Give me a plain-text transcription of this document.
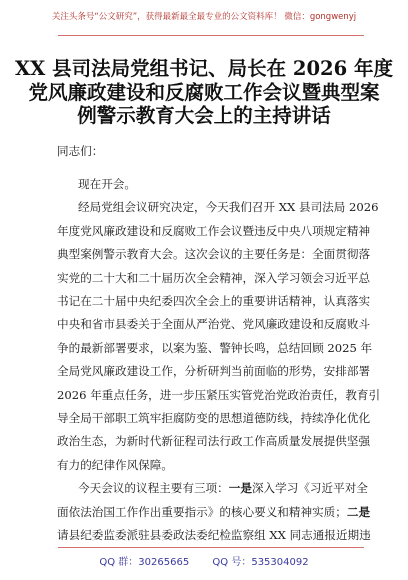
关注头条号“公文研究”，获得最新最全最专业的公文资料库！ 微信：gongwenyj
XX 县司法局党组书记、局长在 2026 年度
党风廉政建设和反腐败工作会议暨典型案
例警示教育大会上的主持讲话
同志们：
现在开会。
经局党组会议研究决定，今天我们召开 XX 县司法局 2026
年度党风廉政建设和反腐败工作会议暨违反中央八项规定精神
典型案例警示教育大会。这次会议的主要任务是：全面贯彻落
实党的二十大和二十届历次全会精神，深入学习领会习近平总
书记在二十届中央纪委四次全会上的重要讲话精神，认真落实
中央和省市县委关于全面从严治党、党风廉政建设和反腐败斗
争的最新部署要求，以案为鉴、警钟长鸣，总结回顾 2025 年
全局党风廉政建设工作，分析研判当前面临的形势，安排部署
2026 年重点任务，进一步压紧压实管党治党政治责任，教育引
导全局干部职工筑牢拒腐防变的思想道德防线，持续净化优化
政治生态，为新时代新征程司法行政工作高质量发展提供坚强
有力的纪律作风保障。
今天会议的议程主要有三项：一是深入学习《习近平对全
面依法治国工作作出重要指示》的核心要义和精神实质；二是
请县纪委监委派驻县委政法委纪检监察组 XX 同志通报近期违
QQ 群：30265665 QQ 号：535304092
